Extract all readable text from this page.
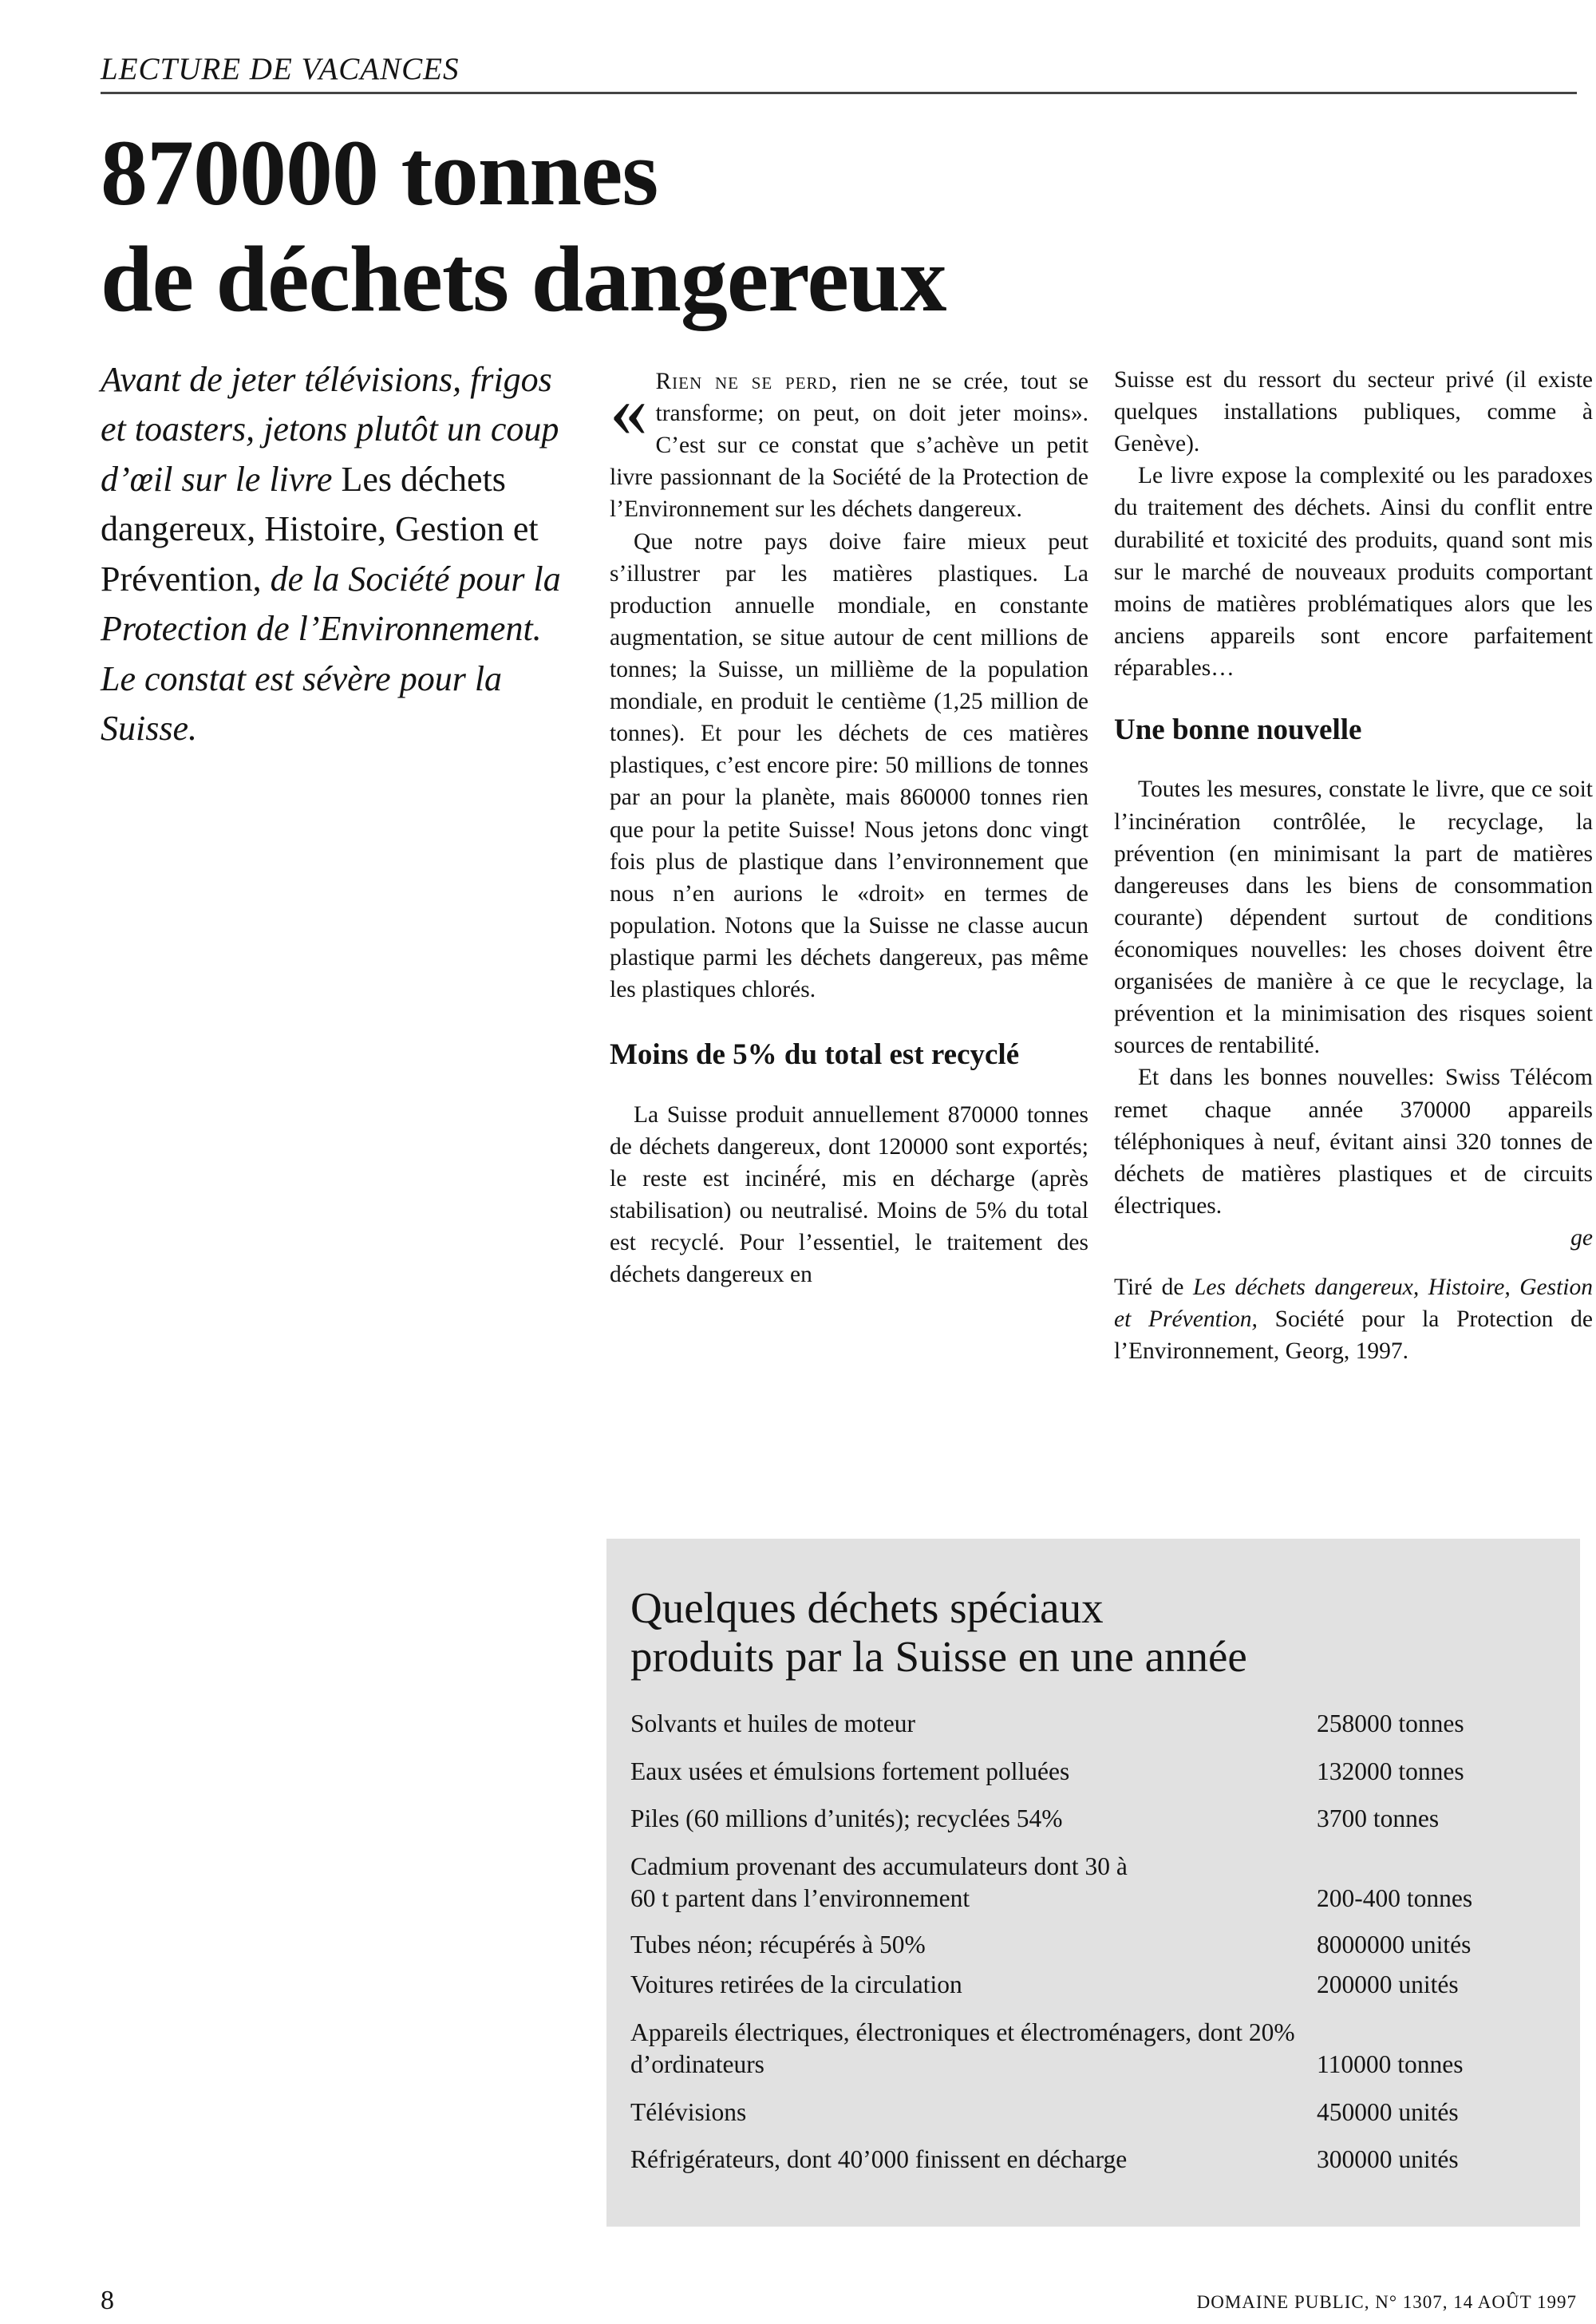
LECTURE DE VACANCES
870000 tonnes
de déchets dangereux

Avant de jeter télévisions, frigos et toasters, jetons plutôt un coup d’œil sur le livre Les déchets dangereux, Histoire, Gestion et Prévention, de la Société pour la Protection de l’Environnement.

Le constat est sévère pour la Suisse.

« Rien ne se perd, rien ne se crée, tout se transforme; on peut, on doit jeter moins». C’est sur ce constat que s’achève un petit livre passionnant de la Société de la Protection de l’Environnement sur les déchets dangereux.

Que notre pays doive faire mieux peut s’illustrer par les matières plastiques. La production annuelle mondiale, en constante augmentation, se situe autour de cent millions de tonnes; la Suisse, un millième de la population mondiale, en produit le centième (1,25 million de tonnes). Et pour les déchets de ces matières plastiques, c’est encore pire: 50 millions de tonnes par an pour la planète, mais 860000 tonnes rien que pour la petite Suisse! Nous jetons donc vingt fois plus de plastique dans l’environnement que nous n’en aurions le «droit» en termes de population. Notons que la Suisse ne classe aucun plastique parmi les déchets dangereux, pas même les plastiques chlorés.

Moins de 5% du total est recyclé

La Suisse produit annuellement 870000 tonnes de déchets dangereux, dont 120000 sont exportés; le reste est inciné́ré, mis en décharge (après stabilisation) ou neutralisé. Moins de 5% du total est recyclé. Pour l’essentiel, le traitement des déchets dangereux en

Suisse est du ressort du secteur privé (il existe quelques installations publiques, comme à Genève).

Le livre expose la complexité ou les paradoxes du traitement des déchets. Ainsi du conflit entre durabilité et toxicité des produits, quand sont mis sur le marché de nouveaux produits comportant moins de matières problématiques alors que les anciens appareils sont encore parfaitement réparables…

Une bonne nouvelle

Toutes les mesures, constate le livre, que ce soit l’incinération contrôlée, le recyclage, la prévention (en minimisant la part de matières dangereuses dans les biens de consommation courante) dépendent surtout de conditions économiques nouvelles: les choses doivent être organisées de manière à ce que le recyclage, la prévention et la minimisation des risques soient sources de rentabilité.

Et dans les bonnes nouvelles: Swiss Télécom remet chaque année 370000 appareils téléphoniques à neuf, évitant ainsi 320 tonnes de déchets de matières plastiques et de circuits électriques.
ge

Tiré de Les déchets dangereux, Histoire, Gestion et Prévention, Société pour la Protection de l’Environnement, Georg, 1997.

Quelques déchets spéciaux
produits par la Suisse en une année
Solvants et huiles de moteur	258000 tonnes
Eaux usées et émulsions fortement polluées	132000 tonnes
Piles (60 millions d’unités); recyclées 54%	3700 tonnes
Cadmium provenant des accumulateurs dont 30 à 60 t partent dans l’environnement	200-400 tonnes
Tubes néon; récupérés à 50%	8000000 unités
Voitures retirées de la circulation	200000 unités
Appareils électriques, électroniques et électroménagers, dont 20% d’ordinateurs	110000 tonnes
Télévisions	450000 unités
Réfrigérateurs, dont 40’000 finissent en décharge	300000 unités
8	DOMAINE PUBLIC, N° 1307, 14 AOÛT 1997
